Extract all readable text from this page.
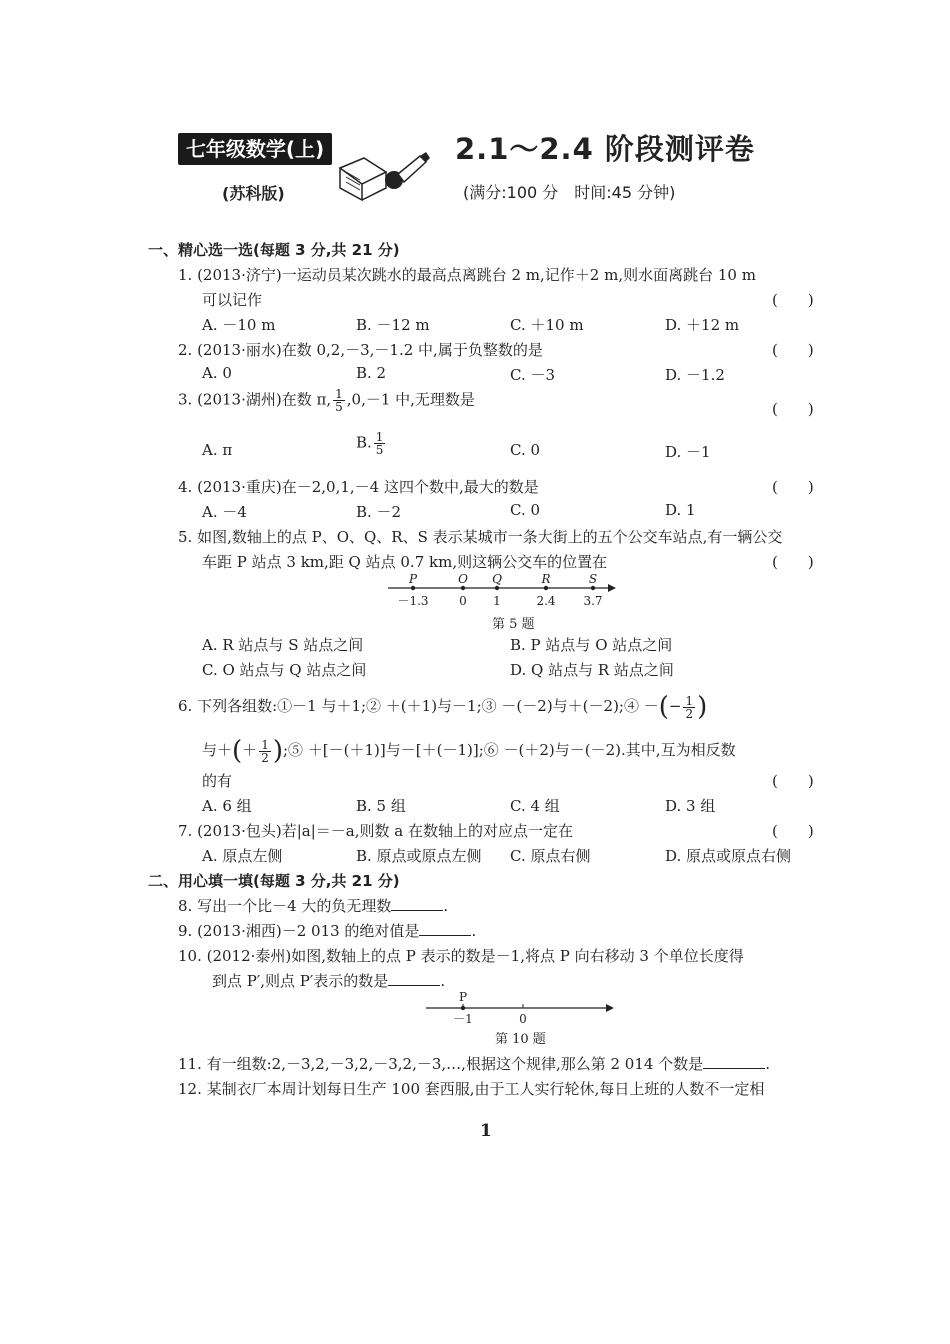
七年级数学(上)
(苏科版)
2.1～2.4 阶段测评卷
(满分:100 分　时间:45 分钟)
一、精心选一选(每题 3 分,共 21 分)
1. (2013·济宁)一运动员某次跳水的最高点离跳台 2 m,记作＋2 m,则水面离跳台 10 m
可以记作	(　　)
A. －10 m	B. －12 m	C. ＋10 m	D. ＋12 m
2. (2013·丽水)在数 0,2,－3,－1.2 中,属于负整数的是	(　　)
A. 0	B. 2	C. －3	D. －1.2
3. (2013·湖州)在数 π, $\frac{1}{5} ,0,-1$ 中,无理数是
(　　)
A. π	B. $\frac{1}{5}$	C. 0	D. －1
4. (2013·重庆)在－2,0,1,－4 这四个数中,最大的数是	(　　)
A. －4	B. －2	C. 0	D. 1
5. 如图,数轴上的点 P、O、Q、R、S 表示某城市一条大街上的五个公交车站点,有一辆公交
车距 P 站点 3 km,距 Q 站点 0.7 km,则这辆公交车的位置在	(　　)
P
－1.3
O
0
Q
1
R
2.4
S
3.7
第 5 题
A. R 站点与 S 站点之间	B. P 站点与 O 站点之间
C. O 站点与 Q 站点之间	D. Q 站点与 R 站点之间
6. 下列各组数:①－1 与＋1;② ＋(＋1)与－1;③ －(－2)与＋(－2);④ －(− $\frac{1}{2}$ )
与＋(＋ $\frac{1}{2}$ );⑤ ＋[－(＋1)]与－[＋(－1)];⑥ －(＋2)与－(－2).其中,互为相反数
的有	(　　)
A. 6 组	B. 5 组	C. 4 组	D. 3 组
7. (2013·包头)若|a|＝－a,则数 a 在数轴上的对应点一定在	(　　)
A. 原点左侧	B. 原点或原点左侧 C. 原点右侧	D. 原点或原点右侧
二、用心填一填(每题 3 分,共 21 分)
8. 写出一个比－4 大的负无理数	.
9. (2013·湘西)－2 013 的绝对值是	.
10. (2012·泰州)如图,数轴上的点 P 表示的数是－1,将点 P 向右移动 3 个单位长度得
到点 P′,则点 P′表示的数是	.
－1	0
P
第 10 题
11. 有一组数:2,－3,2,－3,2,－3,2,－3,…,根据这个规律,那么第 2 014 个数是	.
12. 某制衣厂本周计划每日生产 100 套西服,由于工人实行轮休,每日上班的人数不一定相
1
